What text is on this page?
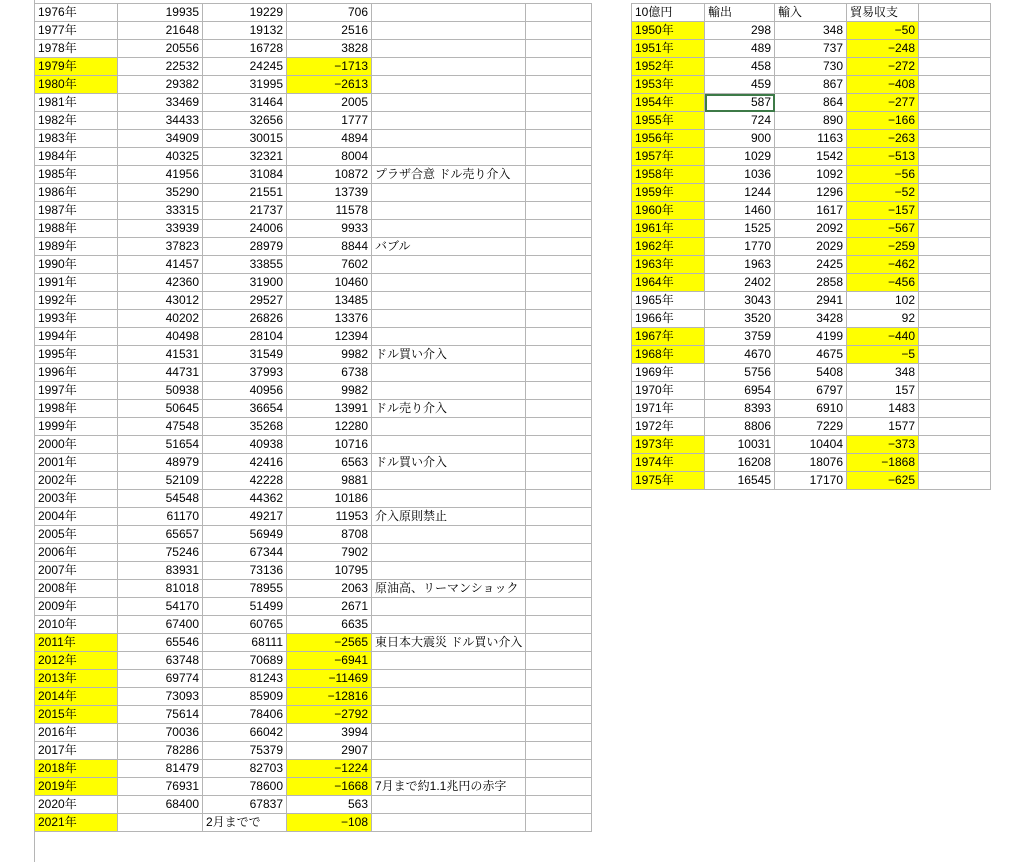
1976年	19935	19229	706		
1977年	21648	19132	2516		
1978年	20556	16728	3828		
1979年	22532	24245	−1713		
1980年	29382	31995	−2613		
1981年	33469	31464	2005		
1982年	34433	32656	1777		
1983年	34909	30015	4894		
1984年	40325	32321	8004		
1985年	41956	31084	10872	プラザ合意 ドル売り介入	
1986年	35290	21551	13739		
1987年	33315	21737	11578		
1988年	33939	24006	9933		
1989年	37823	28979	8844	バブル	
1990年	41457	33855	7602		
1991年	42360	31900	10460		
1992年	43012	29527	13485		
1993年	40202	26826	13376		
1994年	40498	28104	12394		
1995年	41531	31549	9982	ドル買い介入	
1996年	44731	37993	6738		
1997年	50938	40956	9982		
1998年	50645	36654	13991	ドル売り介入	
1999年	47548	35268	12280		
2000年	51654	40938	10716		
2001年	48979	42416	6563	ドル買い介入	
2002年	52109	42228	9881		
2003年	54548	44362	10186		
2004年	61170	49217	11953	介入原則禁止	
2005年	65657	56949	8708		
2006年	75246	67344	7902		
2007年	83931	73136	10795		
2008年	81018	78955	2063	原油高、リーマンショック	
2009年	54170	51499	2671		
2010年	67400	60765	6635		
2011年	65546	68111	−2565	東日本大震災 ドル買い介入	
2012年	63748	70689	−6941		
2013年	69774	81243	−11469		
2014年	73093	85909	−12816		
2015年	75614	78406	−2792		
2016年	70036	66042	3994		
2017年	78286	75379	2907		
2018年	81479	82703	−1224		
2019年	76931	78600	−1668	7月まで約1.1兆円の赤字	
2020年	68400	67837	563		
2021年		2月までで	−108		
10億円	輸出	輸入	貿易収支	
1950年	298	348	−50	
1951年	489	737	−248	
1952年	458	730	−272	
1953年	459	867	−408	
1954年	587	864	−277	
1955年	724	890	−166	
1956年	900	1163	−263	
1957年	1029	1542	−513	
1958年	1036	1092	−56	
1959年	1244	1296	−52	
1960年	1460	1617	−157	
1961年	1525	2092	−567	
1962年	1770	2029	−259	
1963年	1963	2425	−462	
1964年	2402	2858	−456	
1965年	3043	2941	102	
1966年	3520	3428	92	
1967年	3759	4199	−440	
1968年	4670	4675	−5	
1969年	5756	5408	348	
1970年	6954	6797	157	
1971年	8393	6910	1483	
1972年	8806	7229	1577	
1973年	10031	10404	−373	
1974年	16208	18076	−1868	
1975年	16545	17170	−625	
